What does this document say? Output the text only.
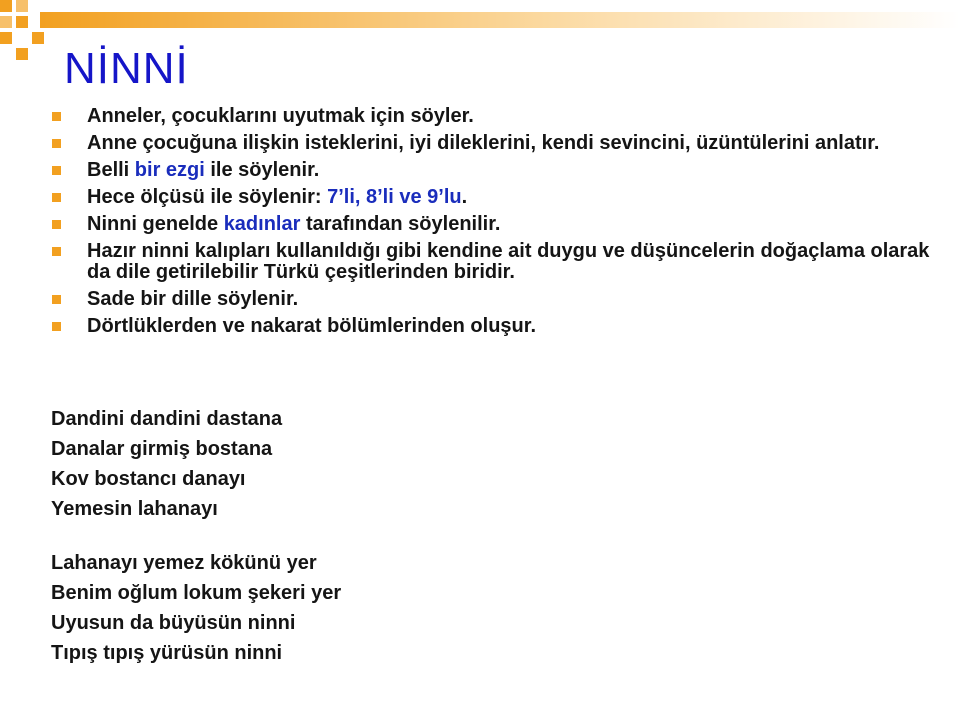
NİNNİ
Anneler, çocuklarını uyutmak için söyler.
Anne çocuğuna ilişkin isteklerini, iyi dileklerini, kendi sevincini, üzüntülerini anlatır.
Belli bir ezgi ile söylenir.
Hece ölçüsü ile söylenir: 7’li, 8’li ve 9’lu.
Ninni genelde kadınlar tarafından söylenilir.
Hazır ninni kalıpları kullanıldığı gibi kendine ait duygu ve düşüncelerin doğaçlama olarak da dile getirilebilir Türkü çeşitlerinden biridir.
Sade bir dille söylenir.
Dörtlüklerden ve nakarat bölümlerinden oluşur.
Dandini dandini dastana
Danalar girmiş bostana
Kov bostancı danayı
Yemesin lahanayı
Lahanayı yemez kökünü yer
Benim oğlum lokum şekeri yer
Uyusun da büyüsün ninni
Tıpış tıpış yürüsün ninni
